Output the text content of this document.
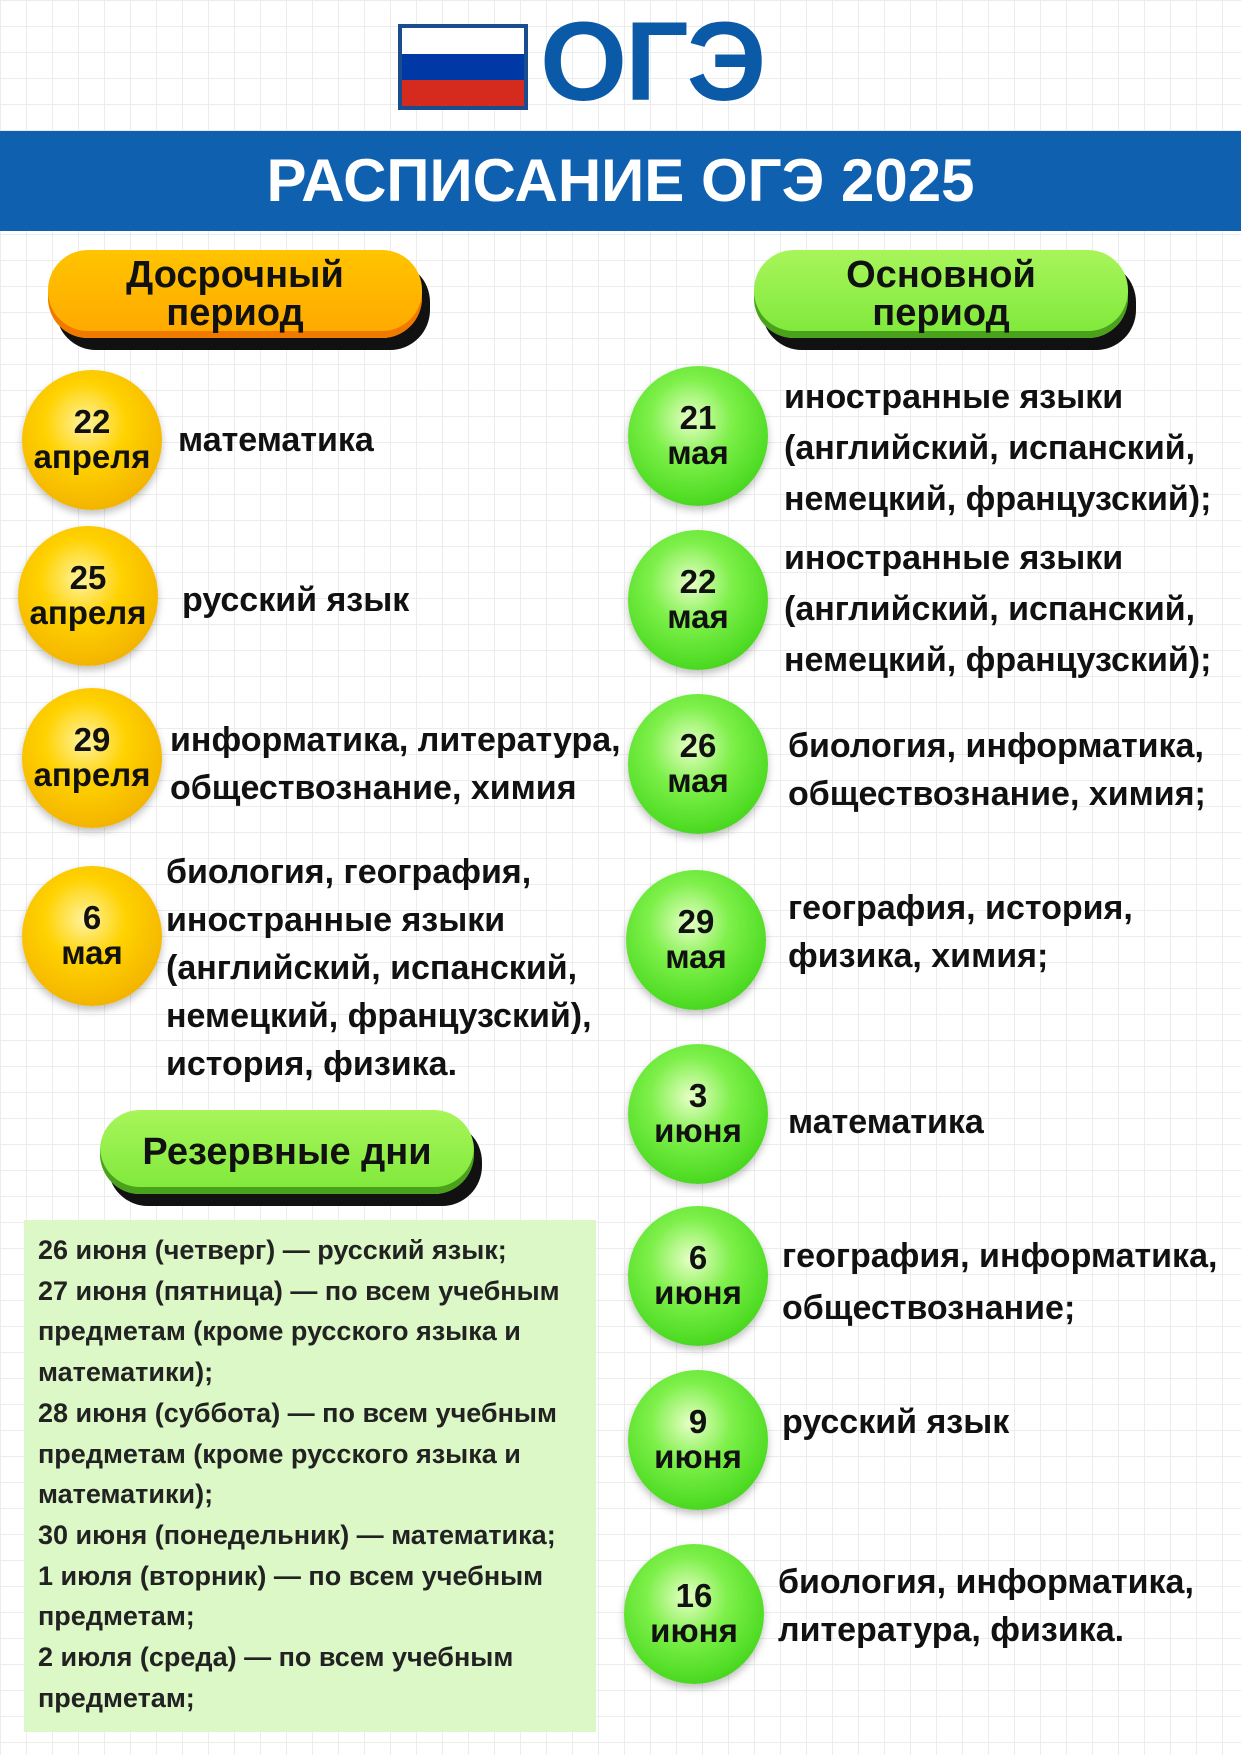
ОГЭ
РАСПИСАНИЕ ОГЭ 2025
Досрочный
период
Основной
период
22
апреля математика
25
апреля русский язык
29
апреля
информатика, литература,
обществознание, химия
6
мая
биология, география,
иностранные языки
(английский, испанский,
немецкий, французский),
история, физика.
Резервные дни
26 июня (четверг) — русский язык;
27 июня (пятница) — по всем учебным
предметам (кроме русского языка и
математики);
28 июня (суббота) — по всем учебным
предметам (кроме русского языка и
математики);
30 июня (понедельник) — математика;
1 июля (вторник) — по всем учебным
предметам;
2 июля (среда) — по всем учебным
предметам;
21
мая
иностранные языки
(английский, испанский,
немецкий, французский);
22
мая
иностранные языки
(английский, испанский,
немецкий, французский);
26
мая
биология, информатика,
обществознание, химия;
29
мая
география, история,
физика, химия;
3
июня математика
6
июня
география, информатика,
обществознание;
9
июня
русский язык
16
июня
биология, информатика,
литература, физика.
